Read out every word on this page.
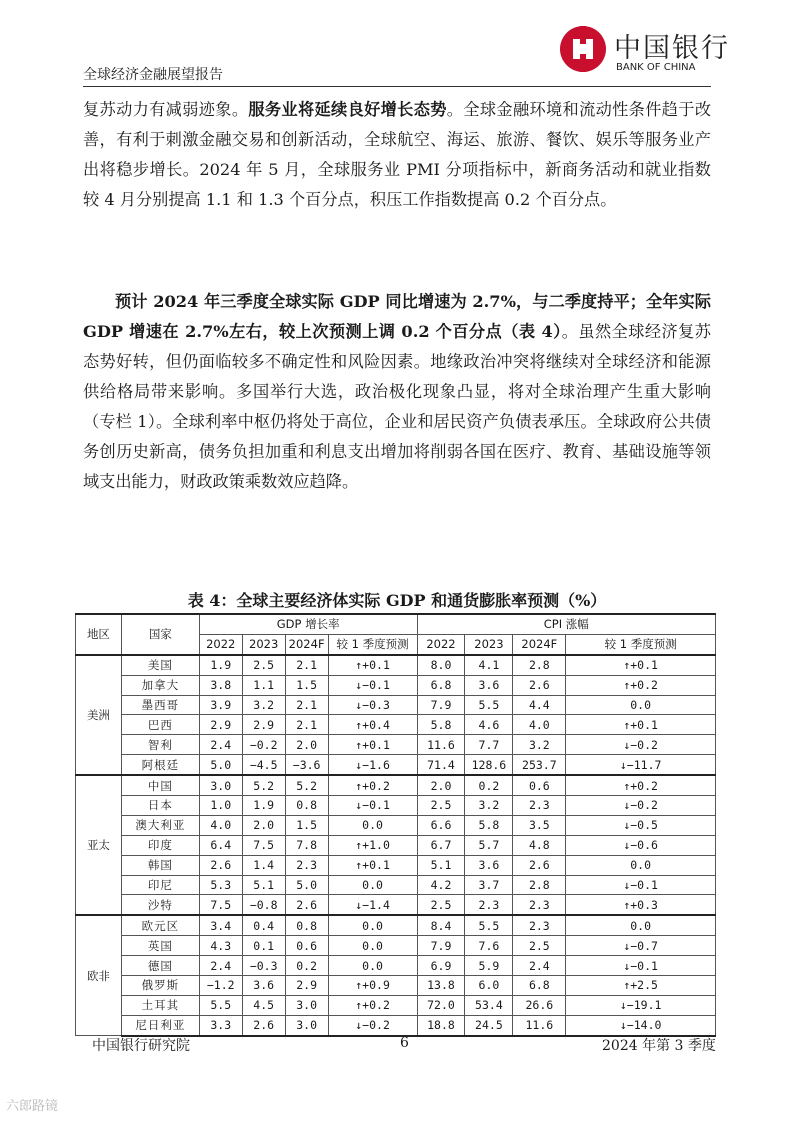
中国银行
BANK OF CHINA
全球经济金融展望报告
复苏动力有减弱迹象。服务业将延续良好增长态势。全球金融环境和流动性条件趋于改善，有利于刺激金融交易和创新活动，全球航空、海运、旅游、餐饮、娱乐等服务业产出将稳步增长。2024 年 5 月，全球服务业 PMI 分项指标中，新商务活动和就业指数较 4 月分别提高 1.1 和 1.3 个百分点，积压工作指数提高 0.2 个百分点。
预计 2024 年三季度全球实际 GDP 同比增速为 2.7%，与二季度持平；全年实际 GDP 增速在 2.7%左右，较上次预测上调 0.2 个百分点（表 4）。虽然全球经济复苏态势好转，但仍面临较多不确定性和风险因素。地缘政治冲突将继续对全球经济和能源供给格局带来影响。多国举行大选，政治极化现象凸显，将对全球治理产生重大影响（专栏 1）。全球利率中枢仍将处于高位，企业和居民资产负债表承压。全球政府公共债务创历史新高，债务负担加重和利息支出增加将削弱各国在医疗、教育、基础设施等领域支出能力，财政政策乘数效应趋降。
表 4：全球主要经济体实际 GDP 和通货膨胀率预测（%）
地区	国家	GDP 增长率				CPI 涨幅			
		2022	2023	2024F	较 1 季度预测	2022	2023	2024F	较 1 季度预测
美洲	美国	1.9	2.5	2.1	↑+0.1	8.0	4.1	2.8	↑+0.1
	加拿大	3.8	1.1	1.5	↓−0.1	6.8	3.6	2.6	↑+0.2
	墨西哥	3.9	3.2	2.1	↓−0.3	7.9	5.5	4.4	0.0
	巴西	2.9	2.9	2.1	↑+0.4	5.8	4.6	4.0	↑+0.1
	智利	2.4	−0.2	2.0	↑+0.1	11.6	7.7	3.2	↓−0.2
	阿根廷	5.0	−4.5	−3.6	↓−1.6	71.4	128.6	253.7	↓−11.7
亚太	中国	3.0	5.2	5.2	↑+0.2	2.0	0.2	0.6	↑+0.2
	日本	1.0	1.9	0.8	↓−0.1	2.5	3.2	2.3	↓−0.2
	澳大利亚	4.0	2.0	1.5	0.0	6.6	5.8	3.5	↓−0.5
	印度	6.4	7.5	7.8	↑+1.0	6.7	5.7	4.8	↓−0.6
	韩国	2.6	1.4	2.3	↑+0.1	5.1	3.6	2.6	0.0
	印尼	5.3	5.1	5.0	0.0	4.2	3.7	2.8	↓−0.1
	沙特	7.5	−0.8	2.6	↓−1.4	2.5	2.3	2.3	↑+0.3
欧非	欧元区	3.4	0.4	0.8	0.0	8.4	5.5	2.3	0.0
	英国	4.3	0.1	0.6	0.0	7.9	7.6	2.5	↓−0.7
	德国	2.4	−0.3	0.2	0.0	6.9	5.9	2.4	↓−0.1
	俄罗斯	−1.2	3.6	2.9	↑+0.9	13.8	6.0	6.8	↑+2.5
	土耳其	5.5	4.5	3.0	↑+0.2	72.0	53.4	26.6	↓−19.1
	尼日利亚	3.3	2.6	3.0	↓−0.2	18.8	24.5	11.6	↓−14.0
中国银行研究院	6	2024 年第 3 季度
六郎路镜
